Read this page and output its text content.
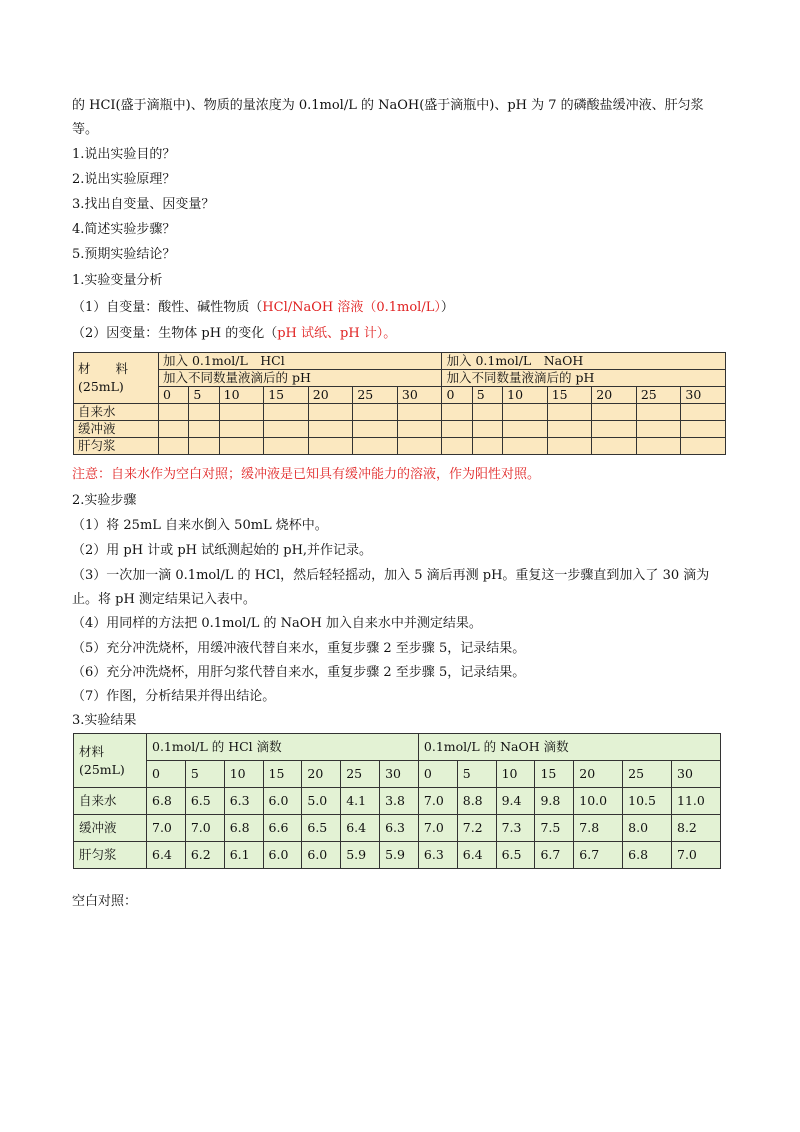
的 HCI(盛于滴瓶中)、物质的量浓度为 0.1mol/L 的 NaOH(盛于滴瓶中)、pH 为 7 的磷酸盐缓冲液、肝匀浆
等。
1.说出实验目的？
2.说出实验原理？
3.找出自变量、因变量？
4.简述实验步骤？
5.预期实验结论？
1.实验变量分析
（1）自变量：酸性、碱性物质（HCl/NaOH 溶液（0.1mol/L））
（2）因变量：生物体 pH 的变化（pH 试纸、pH 计）。
材　　料
(25mL)	加入 0.1mol/L　HCl							加入 0.1mol/L　NaOH						
	加入不同数量液滴后的 pH							加入不同数量液滴后的 pH						
	0	5	10	15	20	25	30	0	5	10	15	20	25	30
自来水														
缓冲液														
肝匀浆														
注意：自来水作为空白对照；缓冲液是已知具有缓冲能力的溶液，作为阳性对照。
2.实验步骤
（1）将 25mL 自来水倒入 50mL 烧杯中。
（2）用 pH 计或 pH 试纸测起始的 pH,并作记录。
（3）一次加一滴 0.1mol/L 的 HCl，然后轻轻摇动，加入 5 滴后再测 pH。重复这一步骤直到加入了 30 滴为
止。将 pH 测定结果记入表中。
（4）用同样的方法把 0.1mol/L 的 NaOH 加入自来水中并测定结果。
（5）充分冲洗烧杯，用缓冲液代替自来水，重复步骤 2 至步骤 5，记录结果。
（6）充分冲洗烧杯，用肝匀浆代替自来水，重复步骤 2 至步骤 5，记录结果。
（7）作图，分析结果并得出结论。
3.实验结果
材料
(25mL)	0.1mol/L 的 HCl 滴数							0.1mol/L 的 NaOH 滴数						
	0	5	10	15	20	25	30	0	5	10	15	20	25	30
自来水	6.8	6.5	6.3	6.0	5.0	4.1	3.8	7.0	8.8	9.4	9.8	10.0	10.5	11.0
缓冲液	7.0	7.0	6.8	6.6	6.5	6.4	6.3	7.0	7.2	7.3	7.5	7.8	8.0	8.2
肝匀浆	6.4	6.2	6.1	6.0	6.0	5.9	5.9	6.3	6.4	6.5	6.7	6.7	6.8	7.0
空白对照：
